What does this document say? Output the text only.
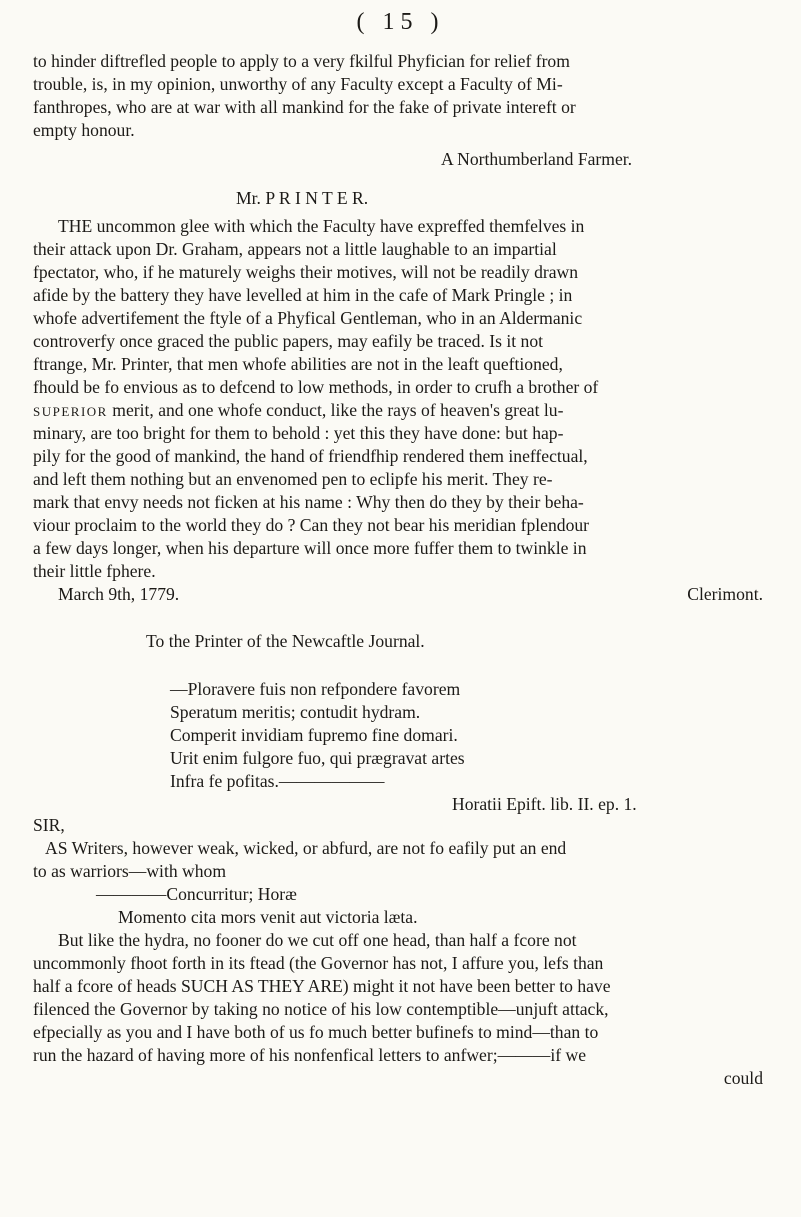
( 15 )
to hinder diftrefled people to apply to a very fkilful Phyfician for relief from
trouble, is, in my opinion, unworthy of any Faculty except a Faculty of Mi-
fanthropes, who are at war with all mankind for the fake of private intereft or
empty honour.
A Northumberland Farmer.
Mr. P R I N T E R.
THE uncommon glee with which the Faculty have expreffed themfelves in
their attack upon Dr. Graham, appears not a little laughable to an impartial
fpectator, who, if he maturely weighs their motives, will not be readily drawn
afide by the battery they have levelled at him in the cafe of Mark Pringle ; in
whofe advertifement the ftyle of a Phyfical Gentleman, who in an Aldermanic
controverfy once graced the public papers, may eafily be traced. Is it not
ftrange, Mr. Printer, that men whofe abilities are not in the leaft queftioned,
fhould be fo envious as to defcend to low methods, in order to crufh a brother of
SUPERIOR merit, and one whofe conduct, like the rays of heaven's great lu-
minary, are too bright for them to behold : yet this they have done: but hap-
pily for the good of mankind, the hand of friendfhip rendered them ineffectual,
and left them nothing but an envenomed pen to eclipfe his merit. They re-
mark that envy needs not ficken at his name : Why then do they by their beha-
viour proclaim to the world they do ? Can they not bear his meridian fplendour
a few days longer, when his departure will once more fuffer them to twinkle in
their little fphere.
March 9th, 1779.	Clerimont.
To the Printer of the Newcaftle Journal.
—Ploravere fuis non refpondere favorem
Speratum meritis; contudit hydram.
Comperit invidiam fupremo fine domari.
Urit enim fulgore fuo, qui prægravat artes
Infra fe pofitas.——————
Horatii Epift. lib. II. ep. 1.
SIR,
AS Writers, however weak, wicked, or abfurd, are not fo eafily put an end
to as warriors—with whom
————Concurritur; Horæ
Momento cita mors venit aut victoria læta.
But like the hydra, no fooner do we cut off one head, than half a fcore not
uncommonly fhoot forth in its ftead (the Governor has not, I affure you, lefs than
half a fcore of heads SUCH AS THEY ARE) might it not have been better to have
filenced the Governor by taking no notice of his low contemptible—unjuft attack,
efpecially as you and I have both of us fo much better bufinefs to mind—than to
run the hazard of having more of his nonfenfical letters to anfwer;———if we
could
